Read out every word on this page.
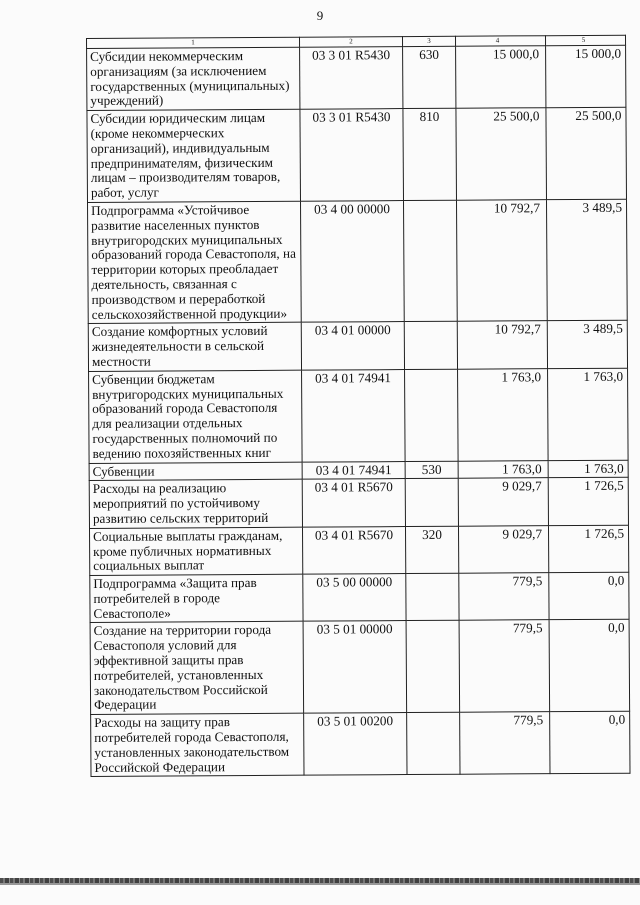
9
1	2	3	4	5
Субсидии некоммерческим организациям (за исключением государственных (муниципальных) учреждений)	03 3 01 R5430	630	15 000,0	15 000,0
Субсидии юридическим лицам (кроме некоммерческих организаций), индивидуальным предпринимателям, физическим лицам – производителям товаров, работ, услуг	03 3 01 R5430	810	25 500,0	25 500,0
Подпрограмма «Устойчивое развитие населенных пунктов внутригородских муниципальных образований города Севастополя, на территории которых преобладает деятельность, связанная с производством и переработкой сельскохозяйственной продукции»	03 4 00 00000		10 792,7	3 489,5
Создание комфортных условий жизнедеятельности в сельской местности	03 4 01 00000		10 792,7	3 489,5
Субвенции бюджетам внутригородских муниципальных образований города Севастополя для реализации отдельных государственных полномочий по ведению похозяйственных книг	03 4 01 74941		1 763,0	1 763,0
Субвенции	03 4 01 74941	530	1 763,0	1 763,0
Расходы на реализацию мероприятий по устойчивому развитию сельских территорий	03 4 01 R5670		9 029,7	1 726,5
Социальные выплаты гражданам, кроме публичных нормативных социальных выплат	03 4 01 R5670	320	9 029,7	1 726,5
Подпрограмма «Защита прав потребителей в городе Севастополе»	03 5 00 00000		779,5	0,0
Создание на территории города Севастополя условий для эффективной защиты прав потребителей, установленных законодательством Российской Федерации	03 5 01 00000		779,5	0,0
Расходы на защиту прав потребителей города Севастополя, установленных законодательством Российской Федерации	03 5 01 00200		779,5	0,0
